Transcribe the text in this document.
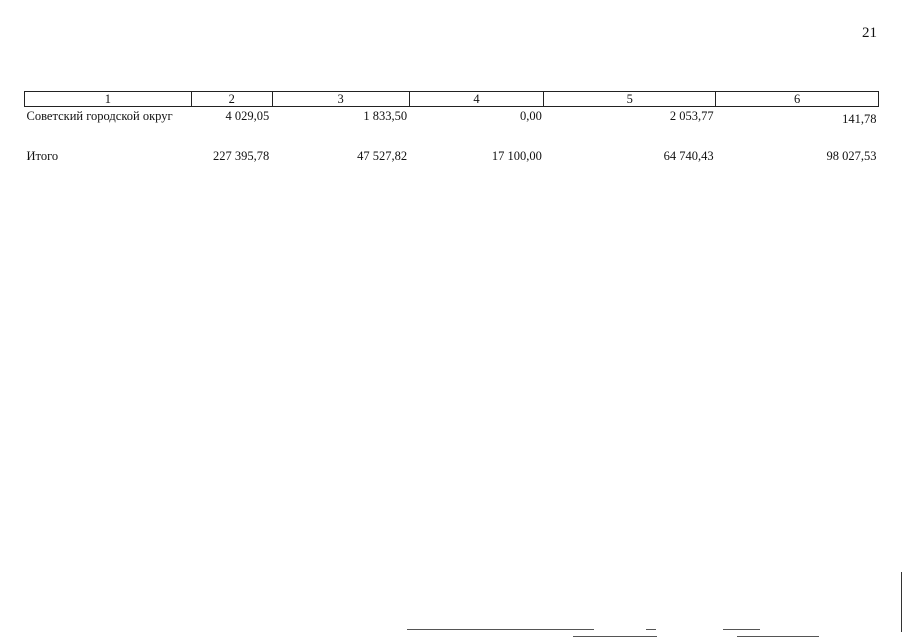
21
1	2	3	4	5	6
Советский городской округ	4 029,05	1 833,50	0,00	2 053,77	141,78

Итого	227 395,78	47 527,82	17 100,00	64 740,43	98 027,53
